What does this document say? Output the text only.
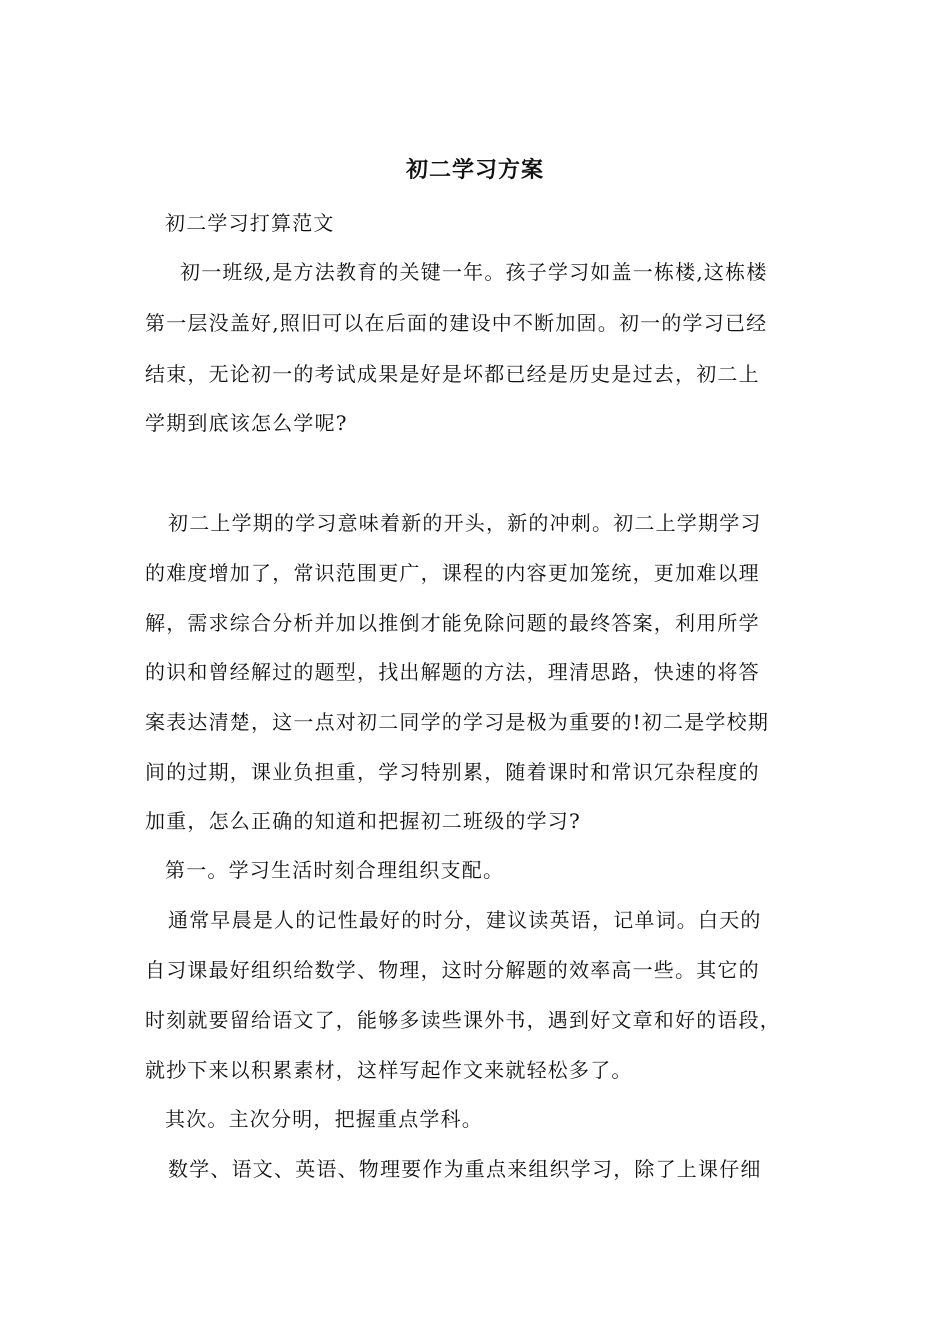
初二学习方案
初二学习打算范文
初一班级,是方法教育的关键一年。孩子学习如盖一栋楼,这栋楼
第一层没盖好,照旧可以在后面的建设中不断加固。初一的学习已经
结束，无论初一的考试成果是好是坏都已经是历史是过去，初二上
学期到底该怎么学呢?
初二上学期的学习意味着新的开头，新的冲刺。初二上学期学习
的难度增加了，常识范围更广，课程的内容更加笼统，更加难以理
解，需求综合分析并加以推倒才能免除问题的最终答案，利用所学
的识和曾经解过的题型，找出解题的方法，理清思路，快速的将答
案表达清楚，这一点对初二同学的学习是极为重要的!初二是学校期
间的过期，课业负担重，学习特别累，随着课时和常识冗杂程度的
加重，怎么正确的知道和把握初二班级的学习?
第一。学习生活时刻合理组织支配。
通常早晨是人的记性最好的时分，建议读英语，记单词。白天的
自习课最好组织给数学、物理，这时分解题的效率高一些。其它的
时刻就要留给语文了，能够多读些课外书，遇到好文章和好的语段，
就抄下来以积累素材，这样写起作文来就轻松多了。
其次。主次分明，把握重点学科。
数学、语文、英语、物理要作为重点来组织学习，除了上课仔细
